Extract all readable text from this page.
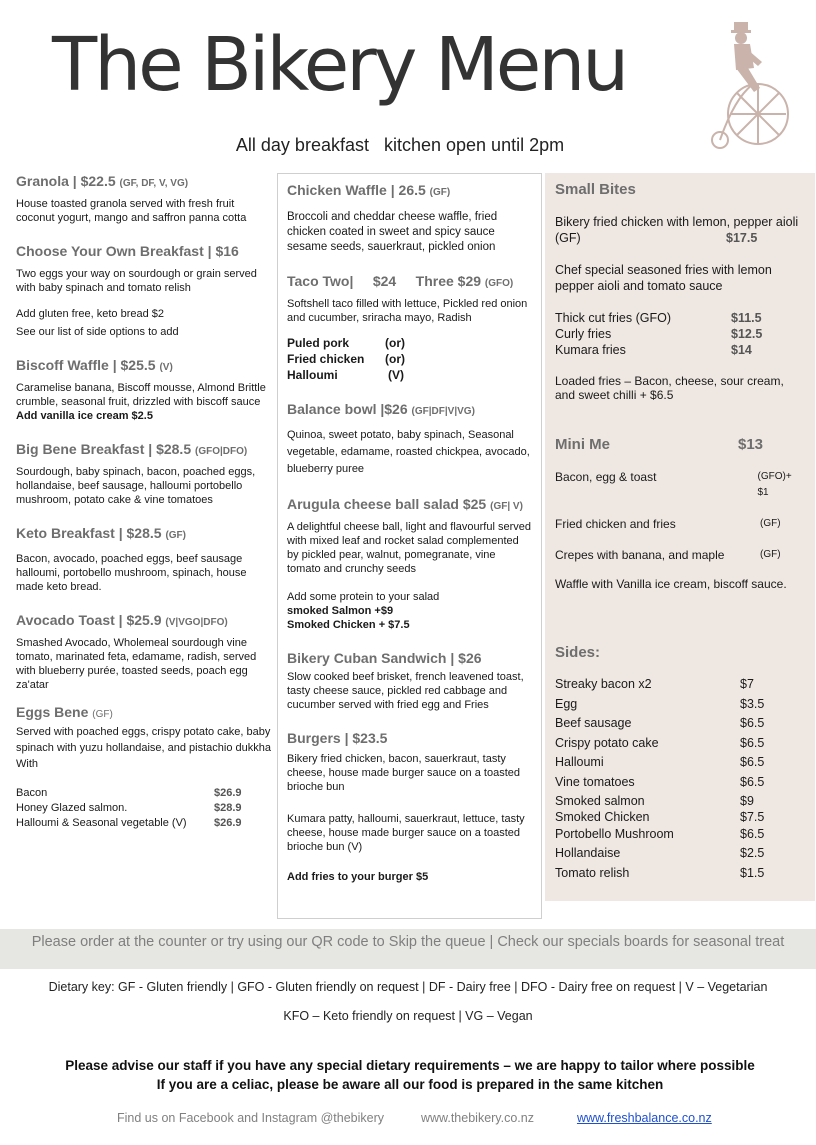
The Bikery Menu
All day breakfast   kitchen open until 2pm
Granola | $22.5 (GF, DF, V, VG)
House toasted granola served with fresh fruit coconut yogurt, mango and saffron panna cotta
Choose Your Own Breakfast | $16
Two eggs your way on sourdough or grain served with baby spinach and tomato relish
Add gluten free, keto bread $2
See our list of side options to add
Biscoff Waffle | $25.5 (V)
Caramelise banana, Biscoff mousse, Almond Brittle crumble, seasonal fruit, drizzled with biscoff sauce
Add vanilla ice cream $2.5
Big Bene Breakfast | $28.5 (GFO|DFO)
Sourdough, baby spinach, bacon, poached eggs, hollandaise, beef sausage, halloumi portobello mushroom, potato cake & vine tomatoes
Keto Breakfast | $28.5 (GF)
Bacon, avocado, poached eggs, beef sausage halloumi, portobello mushroom, spinach, house made keto bread.
Avocado Toast | $25.9 (V|VGO|DFO)
Smashed Avocado, Wholemeal sourdough vine tomato, marinated feta, edamame, radish, served with blueberry purée, toasted seeds, poach egg za'atar
Eggs Bene (GF)
Served with poached eggs, crispy potato cake, baby spinach with yuzu hollandaise, and pistachio dukkha With
Bacon	$26.9
Honey Glazed salmon.	$28.9
Halloumi & Seasonal vegetable (V)	$26.9
Chicken Waffle | 26.5 (GF)
Broccoli and cheddar cheese waffle, fried chicken coated in sweet and spicy sauce sesame seeds, sauerkraut, pickled onion
Taco Two|     $24     Three $29 (GFO)
Softshell taco filled with lettuce, Pickled red onion and cucumber, sriracha mayo, Radish
Puled pork	(or)
Fried chicken	(or)
Halloumi	(V)
Balance bowl |$26 (GF|DF|V|VG)
Quinoa, sweet potato, baby spinach, Seasonal vegetable, edamame, roasted chickpea, avocado, blueberry puree
Arugula cheese ball salad $25 (GF| V)
A delightful cheese ball, light and flavourful served with mixed leaf and rocket salad complemented by pickled pear, walnut, pomegranate, vine tomato and crunchy seeds
Add some protein to your salad
smoked Salmon +$9
Smoked Chicken + $7.5
Bikery Cuban Sandwich | $26
Slow cooked beef brisket, french leavened toast, tasty cheese sauce, pickled red cabbage and cucumber served with fried egg and Fries
Burgers | $23.5
Bikery fried chicken, bacon, sauerkraut, tasty cheese, house made burger sauce on a toasted brioche bun
Kumara patty, halloumi, sauerkraut, lettuce, tasty cheese, house made burger sauce on a toasted brioche bun (V)
Add fries to your burger $5
Small Bites
Bikery fried chicken with lemon, pepper aioli (GF)	$17.5
Chef special seasoned fries with lemon pepper aioli and tomato sauce
Thick cut fries (GFO)	$11.5
Curly fries	$12.5
Kumara fries	$14
Loaded fries – Bacon, cheese, sour cream, and sweet chilli + $6.5
Mini Me	$13
Bacon, egg & toast	(GFO)+ $1
Fried chicken and fries	(GF)
Crepes with banana, and maple	(GF)
Waffle with Vanilla ice cream, biscoff sauce.
Sides:
Streaky bacon x2	$7
Egg	$3.5
Beef sausage	$6.5
Crispy potato cake	$6.5
Halloumi	$6.5
Vine tomatoes	$6.5
Smoked salmon	$9
Smoked Chicken	$7.5
Portobello Mushroom	$6.5
Hollandaise	$2.5
Tomato relish	$1.5
Please order at the counter or try using our QR code to Skip the queue | Check our specials boards for seasonal treat
Dietary key: GF - Gluten friendly | GFO - Gluten friendly on request | DF - Dairy free | DFO - Dairy free on request | V – Vegetarian
KFO – Keto friendly on request | VG – Vegan
Please advise our staff if you have any special dietary requirements – we are happy to tailor where possible
If you are a celiac, please be aware all our food is prepared in the same kitchen
Find us on Facebook and Instagram @thebikery	www.thebikery.co.nz	www.freshbalance.co.nz
